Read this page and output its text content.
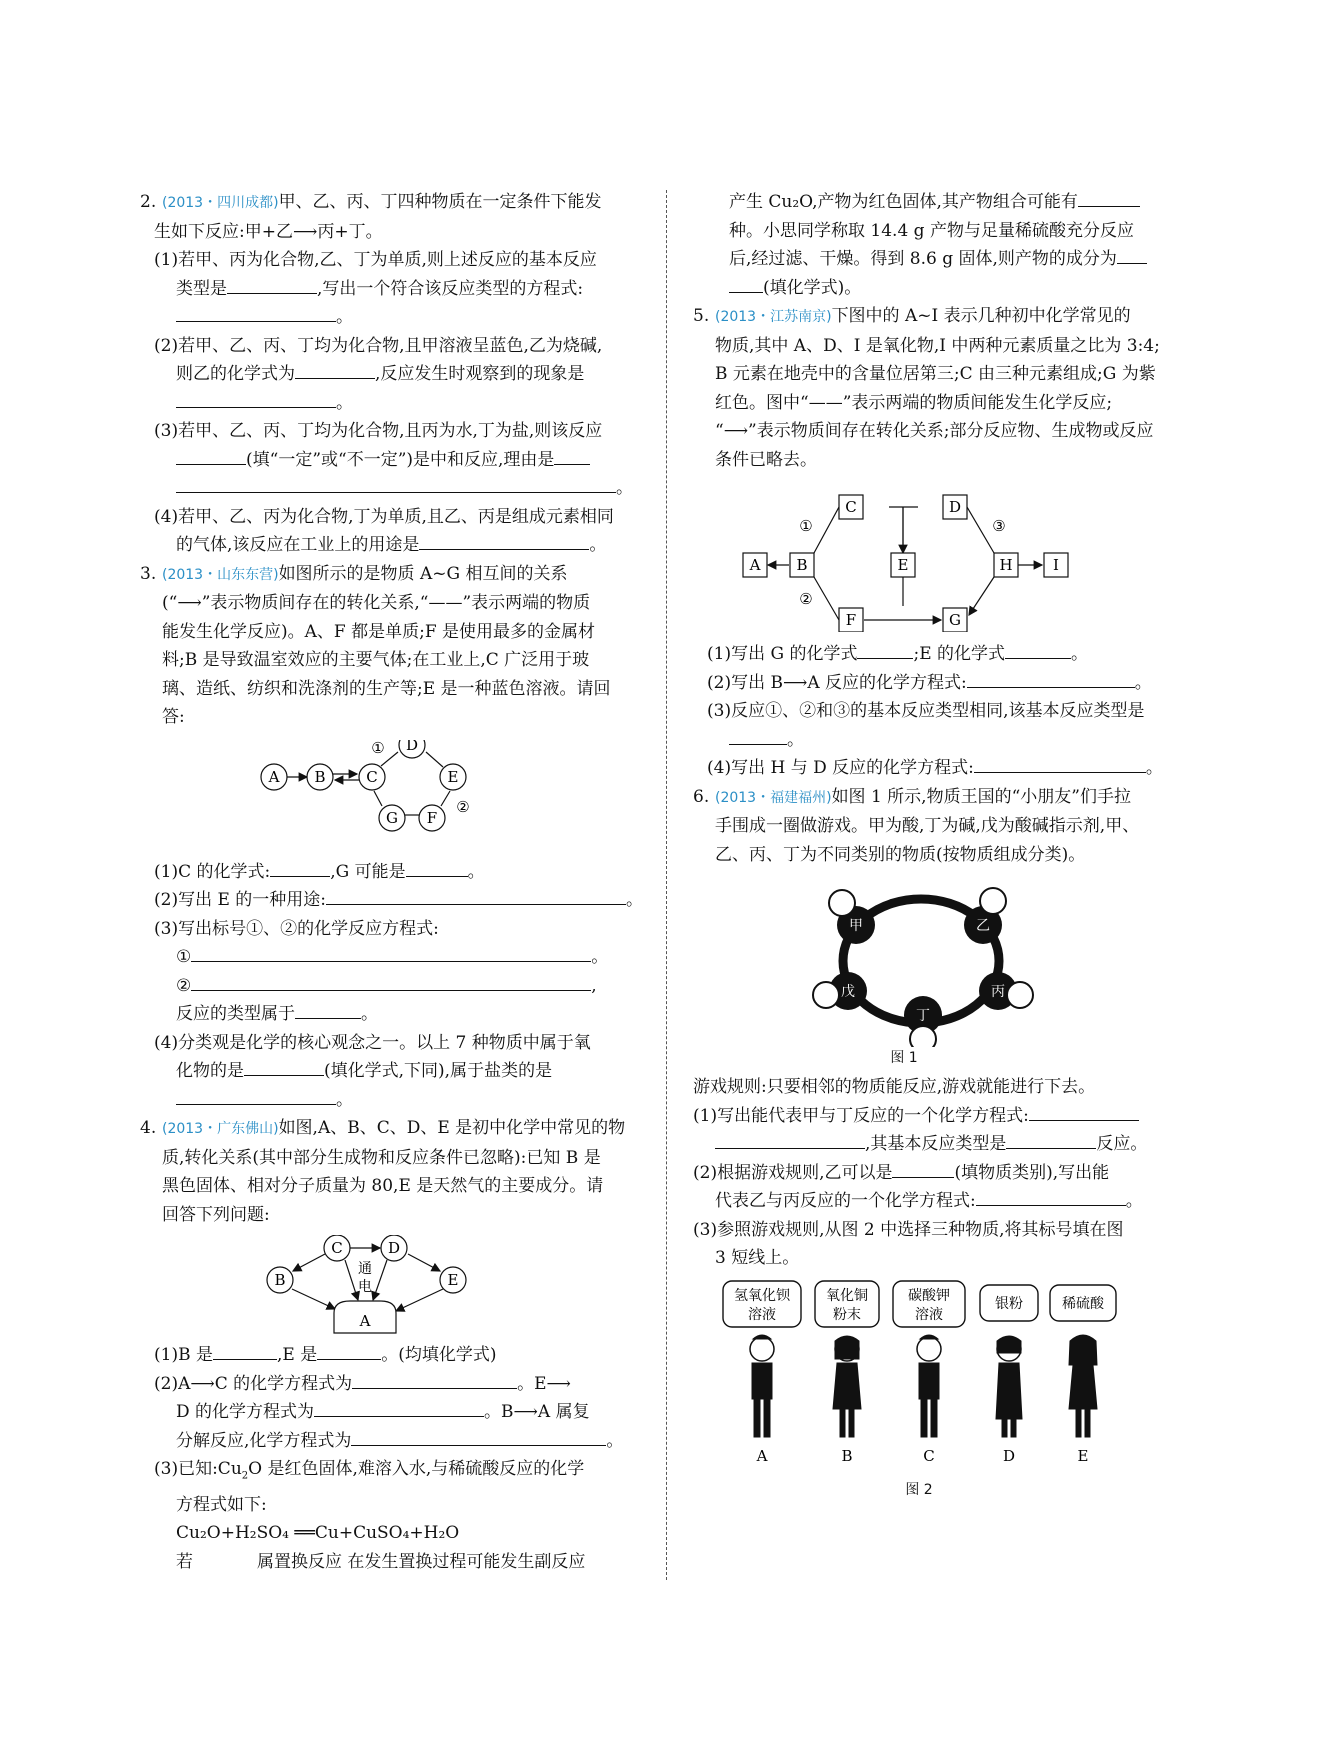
2. (2013・四川成都)甲、乙、丙、丁四种物质在一定条件下能发
生如下反应:甲+乙⟶丙+丁。
(1)若甲、丙为化合物,乙、丁为单质,则上述反应的基本反应
类型是	,写出一个符合该反应类型的方程式:
。
(2)若甲、乙、丙、丁均为化合物,且甲溶液呈蓝色,乙为烧碱,
则乙的化学式为	,反应发生时观察到的现象是
。
(3)若甲、乙、丙、丁均为化合物,且丙为水,丁为盐,则该反应
(填“一定”或“不一定”)是中和反应,理由是
。
(4)若甲、乙、丙为化合物,丁为单质,且乙、丙是组成元素相同
的气体,该反应在工业上的用途是	。
3. (2013・山东东营)如图所示的是物质 A~G 相互间的关系
(“⟶”表示物质间存在的转化关系,“——”表示两端的物质
能发生化学反应)。A、F 都是单质;F 是使用最多的金属材
料;B 是导致温室效应的主要气体;在工业上,C 广泛用于玻
璃、造纸、纺织和洗涤剂的生产等;E 是一种蓝色溶液。请回
答:
A B	C
D
E
F
G
①
②
(1)C 的化学式:	,G 可能是	。
(2)写出 E 的一种用途:	。
(3)写出标号①、②的化学反应方程式:
①	。
②	,
反应的类型属于	。
(4)分类观是化学的核心观念之一。以上 7 种物质中属于氧
化物的是	(填化学式,下同),属于盐类的是
。
4. (2013・广东佛山)如图,A、B、C、D、E 是初中化学中常见的物
质,转化关系(其中部分生成物和反应条件已忽略):已知 B 是
黑色固体、相对分子质量为 80,E 是天然气的主要成分。请
回答下列问题:
C	D
B	E
A
通
电
(1)B 是	,E 是	。(均填化学式)
(2)A⟶C 的化学方程式为	。E⟶
D 的化学方程式为	。B⟶A 属复
分解反应,化学方程式为	。
(3)已知$:Cu_2O$ 是红色固体,难溶入水,与稀硫酸反应的化学
方程式如下:
Cu₂O+H₂SO₄ ══Cu+CuSO₄+H₂O
若	属置换反应 在发生置换过程可能发生副反应
产生 Cu₂O,产物为红色固体,其产物组合可能有
种。小思同学称取 14.4 g 产物与足量稀硫酸充分反应
后,经过滤、干燥。得到 8.6 g 固体,则产物的成分为
(填化学式)。
5. (2013・江苏南京)下图中的 A~I 表示几种初中化学常见的
物质,其中 A、D、I 是氧化物,I 中两种元素质量之比为 3:4;
B 元素在地壳中的含量位居第三;C 由三种元素组成;G 为紫
红色。图中“——”表示两端的物质间能发生化学反应;
“⟶”表示物质间存在转化关系;部分反应物、生成物或反应
条件已略去。
A B
C	D
E
F	G
H	I
①
②
③
(1)写出 G 的化学式	;E 的化学式	。
(2)写出 B⟶A 反应的化学方程式:	。
(3)反应①、②和③的基本反应类型相同,该基本反应类型是
。
(4)写出 H 与 D 反应的化学方程式:	。
6. (2013・福建福州)如图 1 所示,物质王国的“小朋友”们手拉
手围成一圈做游戏。甲为酸,丁为碱,戊为酸碱指示剂,甲、
乙、丙、丁为不同类别的物质(按物质组成分类)。
甲	乙
丙
丁
戊
图 1
游戏规则:只要相邻的物质能反应,游戏就能进行下去。
(1)写出能代表甲与丁反应的一个化学方程式:
,其基本反应类型是	反应。
(2)根据游戏规则,乙可以是	(填物质类别),写出能
代表乙与丙反应的一个化学方程式:	。
(3)参照游戏规则,从图 2 中选择三种物质,将其标号填在图
3 短线上。
氢氧化钡
溶液
氧化铜
粉末
碳酸钾
溶液
银粉	稀硫酸
A	B	C	D	E
图 2
